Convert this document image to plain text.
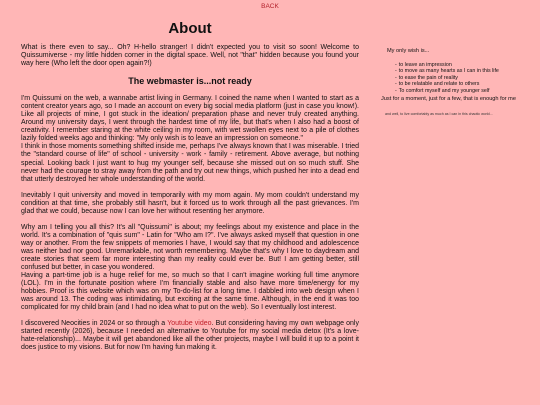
BACK
About

What is there even to say... Oh? H-hello stranger! I didn't expected you to visit so soon! Welcome to Quissumiverse - my little hidden corner in the digital space. Well, not "that" hidden because you found your way here (Who left the door open again?!)

The webmaster is...not ready

I'm Quissumi on the web, a wannabe artist living in Germany. I coined the name when I wanted to start as a content creator years ago, so I made an account on every big social media platform (just in case you know!). Like all projects of mine, I got stuck in the ideation/ preparation phase and never truly created anything. Around my university days, I went through the hardest time of my life, but that's when I also had a boost of creativity. I remember staring at the white ceiling in my room, with wet swollen eyes next to a pile of clothes lazily folded weeks ago and thinking: "My only wish is to leave an impression on someone."

I think in those moments something shifted inside me, perhaps I've always known that I was miserable. I tried the "standard course of life" of school - university - work - family - retirement. Above average, but nothing special. Looking back I just want to hug my younger self, because she missed out on so much stuff. She never had the courage to stray away from the path and try out new things, which pushed her into a dead end that utterly destroyed her whole understanding of the world.

Inevitably I quit university and moved in temporarily with my mom again. My mom couldn't understand my condition at that time, she probably still hasn't, but it forced us to work through all the past grievances. I'm glad that we could, because now I can love her without resenting her anymore.

Why am I telling you all this? It's all "Quissumi" is about; my feelings about my existence and place in the world. It's a combination of "quis sum" - Latin for "Who am I?". I've always asked myself that question in one way or another. From the few snippets of memories I have, I would say that my childhood and adolescence was neither bad nor good. Unremarkable, not worth remembering. Maybe that's why I love to daydream and create stories that seem far more interesting than my reality could ever be. But! I am getting better, still confused but better, in case you wondered.

Having a part-time job is a huge relief for me, so much so that I can't imagine working full time anymore (LOL). I'm in the fortunate position where I'm financially stable and also have more time/energy for my hobbies. Proof is this website which was on my To-do-list for a long time. I dabbled into web design when I was around 13. The coding was intimidating, but exciting at the same time. Although, in the end it was too complicated for my child brain (and I had no idea what to put on the web). So I eventually lost interest.

I discovered Neocities in 2024 or so through a Youtube video. But considering having my own webpage only started recently (2026), because I needed an alternative to Youtube for my social media detox (It's a love-hate-relationship)... Maybe it will get abandoned like all the other projects, maybe I will build it up to a point it does justice to my visions. But for now I'm having fun making it.

My only wish is...
- to leave an impression
- to move as many hearts as I can in this life
- to ease the pain of reality
- to be relatable and relate to others
- To comfort myself and my younger self
Just for a moment, just for a few, that is enough for me
and well, to live comfortably as much as I can in this chaotic world...
